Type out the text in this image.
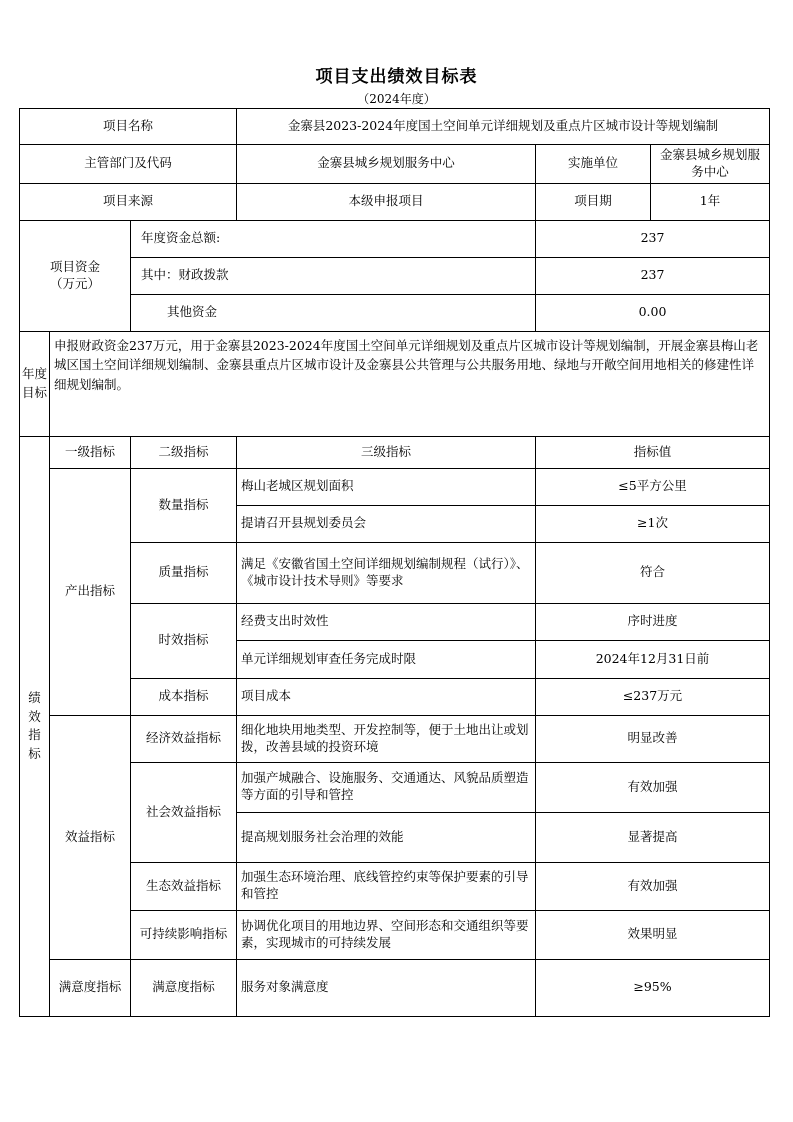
项目支出绩效目标表
（2024年度）
项目名称			金寨县2023-2024年度国土空间单元详细规划及重点片区城市设计等规划编制		
主管部门及代码			金寨县城乡规划服务中心	实施单位	金寨县城乡规划服务中心
项目来源			本级申报项目	项目期	1年
项目资金
（万元）		年度资金总额:		237	
		其中：财政拨款		237	
		其他资金		0.00	
年度
目标	申报财政资金237万元，用于金寨县2023-2024年度国土空间单元详细规划及重点片区城市设计等规划编制，开展金寨县梅山老城区国土空间详细规划编制、金寨县重点片区城市设计及金寨县公共管理与公共服务用地、绿地与开敞空间用地相关的修建性详细规划编制。				
绩
效
指
标	一级指标	二级指标	三级指标	指标值	
	产出指标	数量指标	梅山老城区规划面积	≤5平方公里	
			提请召开县规划委员会	≥1次	
		质量指标	满足《安徽省国土空间详细规划编制规程（试行）》、《城市设计技术导则》等要求	符合	
		时效指标	经费支出时效性	序时进度	
			单元详细规划审查任务完成时限	2024年12月31日前	
		成本指标	项目成本	≤237万元	
	效益指标	经济效益指标	细化地块用地类型、开发控制等，便于土地出让或划拨，改善县域的投资环境	明显改善	
		社会效益指标	加强产城融合、设施服务、交通通达、风貌品质塑造等方面的引导和管控	有效加强	
			提高规划服务社会治理的效能	显著提高	
		生态效益指标	加强生态环境治理、底线管控约束等保护要素的引导和管控	有效加强	
		可持续影响指标	协调优化项目的用地边界、空间形态和交通组织等要素，实现城市的可持续发展	效果明显	
	满意度指标	满意度指标	服务对象满意度	≥95%	
